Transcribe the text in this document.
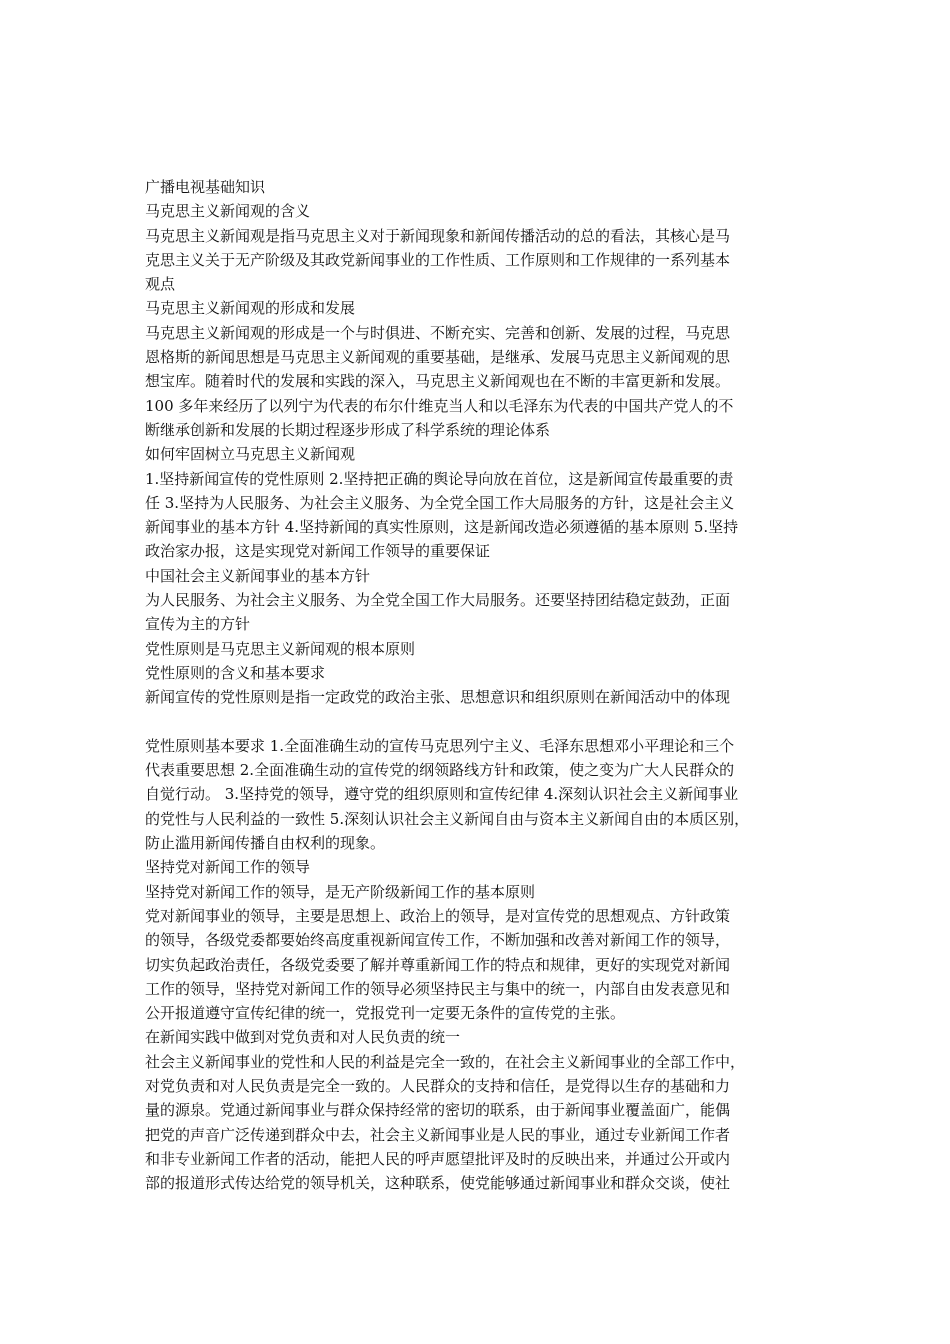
广播电视基础知识
马克思主义新闻观的含义
马克思主义新闻观是指马克思主义对于新闻现象和新闻传播活动的总的看法，其核心是马
克思主义关于无产阶级及其政党新闻事业的工作性质、工作原则和工作规律的一系列基本
观点
马克思主义新闻观的形成和发展
马克思主义新闻观的形成是一个与时俱进、不断充实、完善和创新、发展的过程，马克思
恩格斯的新闻思想是马克思主义新闻观的重要基础，是继承、发展马克思主义新闻观的思
想宝库。随着时代的发展和实践的深入，马克思主义新闻观也在不断的丰富更新和发展。
100 多年来经历了以列宁为代表的布尔什维克当人和以毛泽东为代表的中国共产党人的不
断继承创新和发展的长期过程逐步形成了科学系统的理论体系
如何牢固树立马克思主义新闻观
1.坚持新闻宣传的党性原则 2.坚持把正确的舆论导向放在首位，这是新闻宣传最重要的责
任 3.坚持为人民服务、为社会主义服务、为全党全国工作大局服务的方针，这是社会主义
新闻事业的基本方针 4.坚持新闻的真实性原则，这是新闻改造必须遵循的基本原则 5.坚持
政治家办报，这是实现党对新闻工作领导的重要保证
中国社会主义新闻事业的基本方针
为人民服务、为社会主义服务、为全党全国工作大局服务。还要坚持团结稳定鼓劲，正面
宣传为主的方针
党性原则是马克思主义新闻观的根本原则
党性原则的含义和基本要求
新闻宣传的党性原则是指一定政党的政治主张、思想意识和组织原则在新闻活动中的体现
党性原则基本要求 1.全面准确生动的宣传马克思列宁主义、毛泽东思想邓小平理论和三个
代表重要思想 2.全面准确生动的宣传党的纲领路线方针和政策，使之变为广大人民群众的
自觉行动。 3.坚持党的领导，遵守党的组织原则和宣传纪律 4.深刻认识社会主义新闻事业
的党性与人民利益的一致性 5.深刻认识社会主义新闻自由与资本主义新闻自由的本质区别，
防止滥用新闻传播自由权利的现象。
坚持党对新闻工作的领导
坚持党对新闻工作的领导，是无产阶级新闻工作的基本原则
党对新闻事业的领导，主要是思想上、政治上的领导，是对宣传党的思想观点、方针政策
的领导，各级党委都要始终高度重视新闻宣传工作，不断加强和改善对新闻工作的领导，
切实负起政治责任，各级党委要了解并尊重新闻工作的特点和规律，更好的实现党对新闻
工作的领导，坚持党对新闻工作的领导必须坚持民主与集中的统一，内部自由发表意见和
公开报道遵守宣传纪律的统一，党报党刊一定要无条件的宣传党的主张。
在新闻实践中做到对党负责和对人民负责的统一
社会主义新闻事业的党性和人民的利益是完全一致的，在社会主义新闻事业的全部工作中，
对党负责和对人民负责是完全一致的。人民群众的支持和信任，是党得以生存的基础和力
量的源泉。党通过新闻事业与群众保持经常的密切的联系，由于新闻事业覆盖面广，能偶
把党的声音广泛传递到群众中去，社会主义新闻事业是人民的事业，通过专业新闻工作者
和非专业新闻工作者的活动，能把人民的呼声愿望批评及时的反映出来，并通过公开或内
部的报道形式传达给党的领导机关，这种联系，使党能够通过新闻事业和群众交谈，使社
